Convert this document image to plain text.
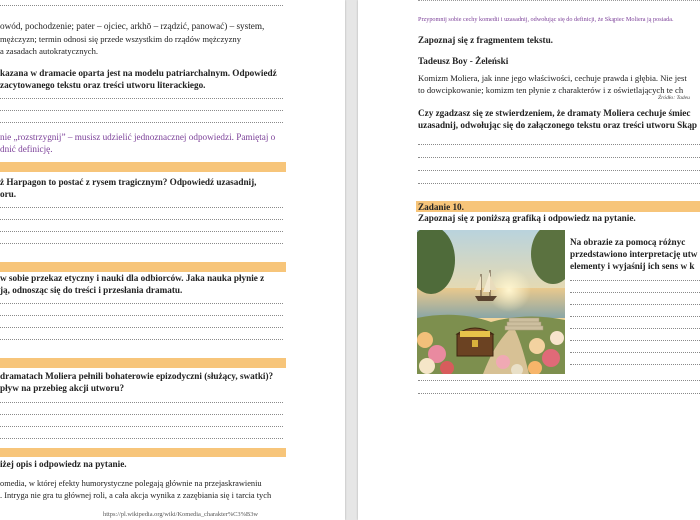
owód, pochodzenie; pater – ojciec, arkhō – rządzić, panować) – system,
mężczyzn; termin odnosi się przede wszystkim do rządów mężczyzny
a zasadach autokratycznych.
kazana w dramacie oparta jest na modelu patriarchalnym. Odpowiedź
zacytowanego tekstu oraz treści utworu literackiego.
nie „rozstrzygnij” – musisz udzielić jednoznacznej odpowiedzi. Pamiętaj o
dnić definicję.
ż Harpagon to postać z rysem tragicznym? Odpowiedź uzasadnij,
oru.
w sobie przekaz etyczny i nauki dla odbiorców. Jaka nauka płynie z
ją, odnosząc się do treści i przesłania dramatu.
dramatach Moliera pełnili bohaterowie epizodyczni (służący, swatki)?
pływ na przebieg akcji utworu?
iżej opis i odpowiedz na pytanie.
omedia, w której efekty humorystyczne polegają głównie na przejaskrawieniu
. Intryga nie gra tu głównej roli, a cała akcja wynika z zazębiania się i tarcia tych
https://pl.wikipedia.org/wiki/Komedia_charakter%C3%B3w
Przypomnij sobie cechy komedii i uzasadnij, odwołując się do definicji, że Skąpiec Moliera ją posiada.
Zapoznaj się z fragmentem tekstu.
Tadeusz Boy - Żeleński
Komizm Moliera, jak inne jego właściwości, cechuje prawda i głębia. Nie jest
to dowcipkowanie; komizm ten płynie z charakterów i z oświetlających te ch
Źródło: Tadeu
Czy zgadzasz się ze stwierdzeniem, że dramaty Moliera cechuje śmiec
uzasadnij, odwołując się do załączonego tekstu oraz treści utworu Skąp
Zadanie 10.
Zapoznaj się z poniższą grafiką i odpowiedz na pytanie.
Na obrazie za pomocą różnyc
przedstawiono interpretację utw
elementy i wyjaśnij ich sens w k
